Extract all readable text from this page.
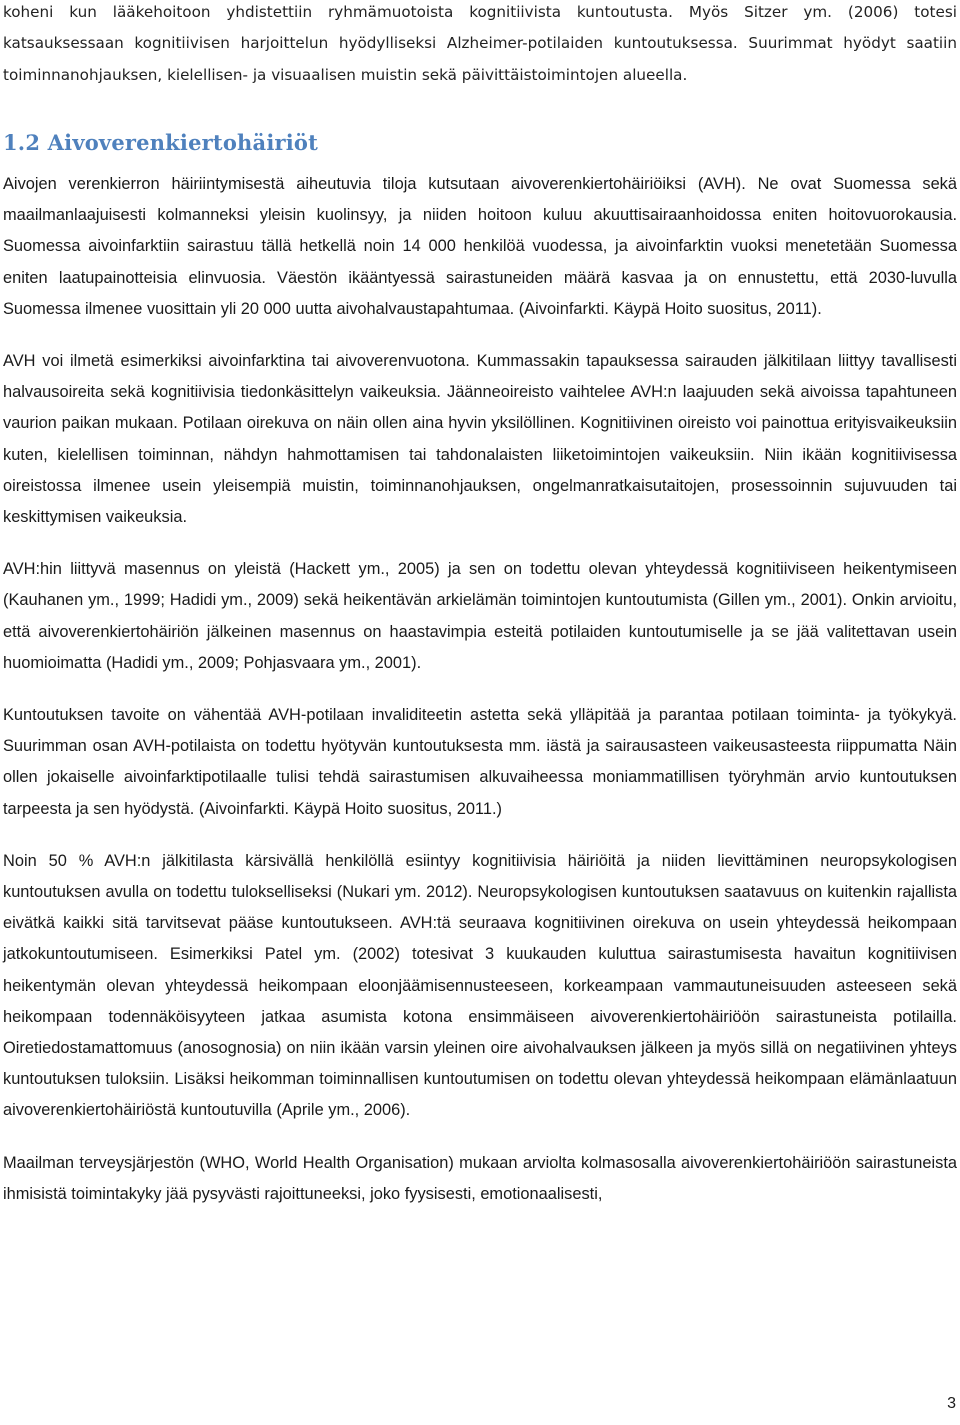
koheni kun lääkehoitoon yhdistettiin ryhmämuotoista kognitiivista kuntoutusta. Myös Sitzer ym. (2006) totesi katsauksessaan kognitiivisen harjoittelun hyödylliseksi Alzheimer-potilaiden kuntoutuksessa. Suurimmat hyödyt saatiin toiminnanohjauksen, kielellisen- ja visuaalisen muistin sekä päivittäistoimintojen alueella.

1.2 Aivoverenkiertohäiriöt

Aivojen verenkierron häiriintymisestä aiheutuvia tiloja kutsutaan aivoverenkiertohäiriöiksi (AVH). Ne ovat Suomessa sekä maailmanlaajuisesti kolmanneksi yleisin kuolinsyy, ja niiden hoitoon kuluu akuuttisairaanhoidossa eniten hoitovuorokausia. Suomessa aivoinfarktiin sairastuu tällä hetkellä noin 14 000 henkilöä vuodessa, ja aivoinfarktin vuoksi menetetään Suomessa eniten laatupainotteisia elinvuosia. Väestön ikääntyessä sairastuneiden määrä kasvaa ja on ennustettu, että 2030-luvulla Suomessa ilmenee vuosittain yli 20 000 uutta aivohalvaustapahtumaa. (Aivoinfarkti. Käypä Hoito suositus, 2011).

AVH voi ilmetä esimerkiksi aivoinfarktina tai aivoverenvuotona. Kummassakin tapauksessa sairauden jälkitilaan liittyy tavallisesti halvausoireita sekä kognitiivisia tiedonkäsittelyn vaikeuksia. Jäänneoireisto vaihtelee AVH:n laajuuden sekä aivoissa tapahtuneen vaurion paikan mukaan. Potilaan oirekuva on näin ollen aina hyvin yksilöllinen. Kognitiivinen oireisto voi painottua erityisvaikeuksiin kuten, kielellisen toiminnan, nähdyn hahmottamisen tai tahdonalaisten liiketoimintojen vaikeuksiin. Niin ikään kognitiivisessa oireistossa ilmenee usein yleisempiä muistin, toiminnanohjauksen, ongelmanratkaisutaitojen, prosessoinnin sujuvuuden tai keskittymisen vaikeuksia.

AVH:hin liittyvä masennus on yleistä (Hackett ym., 2005) ja sen on todettu olevan yhteydessä kognitiiviseen heikentymiseen (Kauhanen ym., 1999; Hadidi ym., 2009) sekä heikentävän arkielämän toimintojen kuntoutumista (Gillen ym., 2001). Onkin arvioitu, että aivoverenkiertohäiriön jälkeinen masennus on haastavimpia esteitä potilaiden kuntoutumiselle ja se jää valitettavan usein huomioimatta (Hadidi ym., 2009; Pohjasvaara ym., 2001).

Kuntoutuksen tavoite on vähentää AVH-potilaan invaliditeetin astetta sekä ylläpitää ja parantaa potilaan toiminta- ja työkykyä. Suurimman osan AVH-potilaista on todettu hyötyvän kuntoutuksesta mm. iästä ja sairausasteen vaikeusasteesta riippumatta Näin ollen jokaiselle aivoinfarktipotilaalle tulisi tehdä sairastumisen alkuvaiheessa moniammatillisen työryhmän arvio kuntoutuksen tarpeesta ja sen hyödystä. (Aivoinfarkti. Käypä Hoito suositus, 2011.)

Noin 50 % AVH:n jälkitilasta kärsivällä henkilöllä esiintyy kognitiivisia häiriöitä ja niiden lievittäminen neuropsykologisen kuntoutuksen avulla on todettu tulokselliseksi (Nukari ym. 2012). Neuropsykologisen kuntoutuksen saatavuus on kuitenkin rajallista eivätkä kaikki sitä tarvitsevat pääse kuntoutukseen. AVH:tä seuraava kognitiivinen oirekuva on usein yhteydessä heikompaan jatkokuntoutumiseen. Esimerkiksi Patel ym. (2002) totesivat 3 kuukauden kuluttua sairastumisesta havaitun kognitiivisen heikentymän olevan yhteydessä heikompaan eloonjäämisennusteeseen, korkeampaan vammautuneisuuden asteeseen sekä heikompaan todennäköisyyteen jatkaa asumista kotona ensimmäiseen aivoverenkiertohäiriöön sairastuneista potilailla. Oiretiedostamattomuus (anosognosia) on niin ikään varsin yleinen oire aivohalvauksen jälkeen ja myös sillä on negatiivinen yhteys kuntoutuksen tuloksiin. Lisäksi heikomman toiminnallisen kuntoutumisen on todettu olevan yhteydessä heikompaan elämänlaatuun aivoverenkiertohäiriöstä kuntoutuvilla (Aprile ym., 2006).

Maailman terveysjärjestön (WHO, World Health Organisation) mukaan arviolta kolmasosalla aivoverenkiertohäiriöön sairastuneista ihmisistä toimintakyky jää pysyvästi rajoittuneeksi, joko fyysisesti, emotionaalisesti,

3
